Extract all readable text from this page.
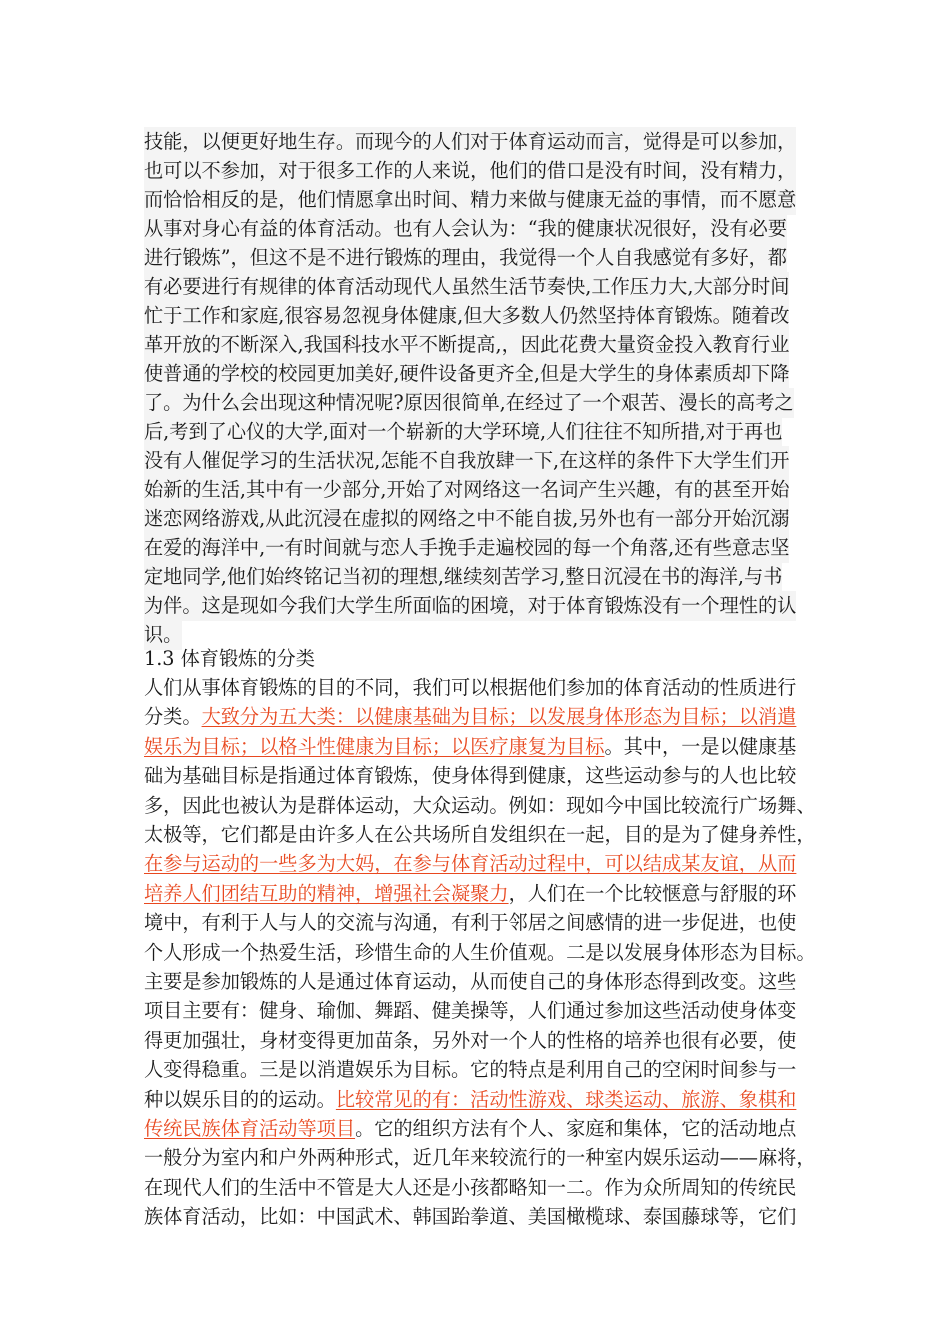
技能，以便更好地生存。而现今的人们对于体育运动而言，觉得是可以参加，
也可以不参加，对于很多工作的人来说，他们的借口是没有时间，没有精力，
而恰恰相反的是，他们情愿拿出时间、精力来做与健康无益的事情，而不愿意
从事对身心有益的体育活动。也有人会认为：“我的健康状况很好，没有必要
进行锻炼”，但这不是不进行锻炼的理由，我觉得一个人自我感觉有多好，都
有必要进行有规律的体育活动现代人虽然生活节奏快,工作压力大,大部分时间
忙于工作和家庭,很容易忽视身体健康,但大多数人仍然坚持体育锻炼。随着改
革开放的不断深入,我国科技水平不断提高,，因此花费大量资金投入教育行业
使普通的学校的校园更加美好,硬件设备更齐全,但是大学生的身体素质却下降
了。为什么会出现这种情况呢?原因很简单,在经过了一个艰苦、漫长的高考之
后,考到了心仪的大学,面对一个崭新的大学环境,人们往往不知所措,对于再也
没有人催促学习的生活状况,怎能不自我放肆一下,在这样的条件下大学生们开
始新的生活,其中有一少部分,开始了对网络这一名词产生兴趣，有的甚至开始
迷恋网络游戏,从此沉浸在虚拟的网络之中不能自拔,另外也有一部分开始沉溺
在爱的海洋中,一有时间就与恋人手挽手走遍校园的每一个角落,还有些意志坚
定地同学,他们始终铭记当初的理想,继续刻苦学习,整日沉浸在书的海洋,与书
为伴。这是现如今我们大学生所面临的困境，对于体育锻炼没有一个理性的认
识。
1.3 体育锻炼的分类
人们从事体育锻炼的目的不同，我们可以根据他们参加的体育活动的性质进行
分类。大致分为五大类：以健康基础为目标；以发展身体形态为目标；以消遣
娱乐为目标；以格斗性健康为目标；以医疗康复为目标。其中，一是以健康基
础为基础目标是指通过体育锻炼，使身体得到健康，这些运动参与的人也比较
多，因此也被认为是群体运动，大众运动。例如：现如今中国比较流行广场舞、
太极等，它们都是由许多人在公共场所自发组织在一起，目的是为了健身养性，
在参与运动的一些多为大妈，在参与体育活动过程中，可以结成某友谊，从而
培养人们团结互助的精神，增强社会凝聚力，人们在一个比较惬意与舒服的环
境中，有利于人与人的交流与沟通，有利于邻居之间感情的进一步促进，也使
个人形成一个热爱生活，珍惜生命的人生价值观。二是以发展身体形态为目标。
主要是参加锻炼的人是通过体育运动，从而使自己的身体形态得到改变。这些
项目主要有：健身、瑜伽、舞蹈、健美操等，人们通过参加这些活动使身体变
得更加强壮，身材变得更加苗条，另外对一个人的性格的培养也很有必要，使
人变得稳重。三是以消遣娱乐为目标。它的特点是利用自己的空闲时间参与一
种以娱乐目的的运动。比较常见的有：活动性游戏、球类运动、旅游、象棋和
传统民族体育活动等项目。它的组织方法有个人、家庭和集体，它的活动地点
一般分为室内和户外两种形式，近几年来较流行的一种室内娱乐运动——麻将，
在现代人们的生活中不管是大人还是小孩都略知一二。作为众所周知的传统民
族体育活动，比如：中国武术、韩国跆拳道、美国橄榄球、泰国藤球等，它们
